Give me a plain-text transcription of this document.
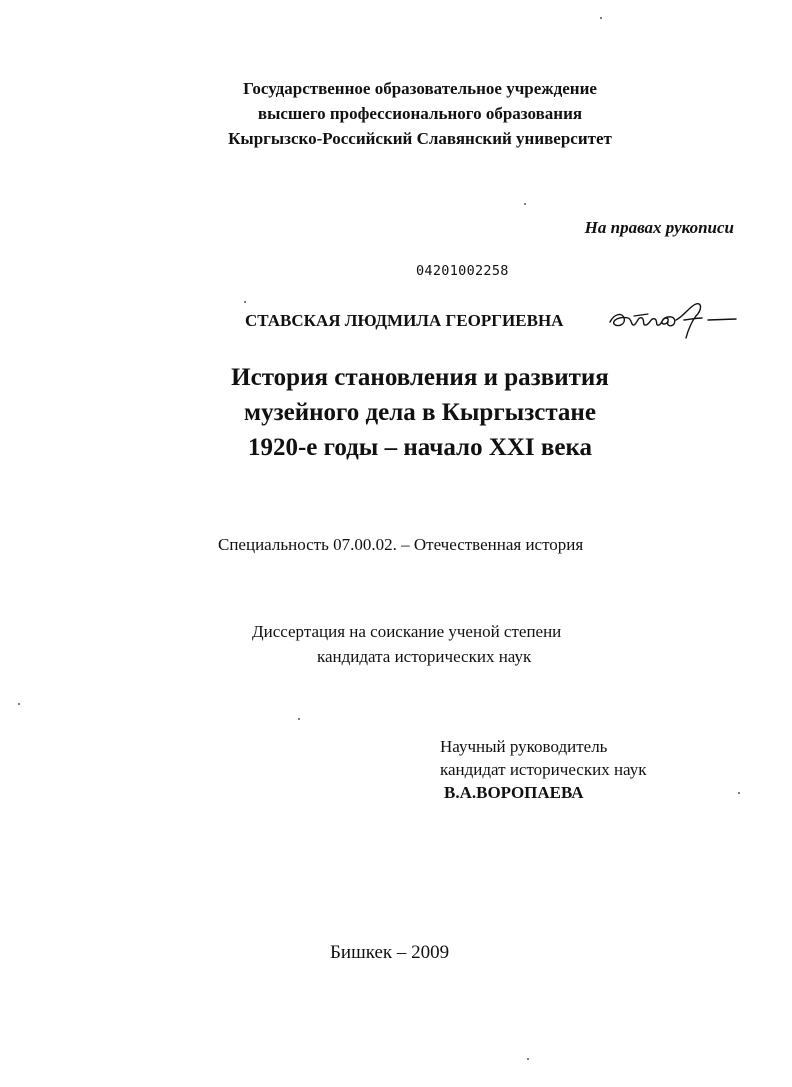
Государственное образовательное учреждение
высшего профессионального образования
Кыргызско-Российский Славянский университет
На правах рукописи
04201002258
СТАВСКАЯ ЛЮДМИЛА ГЕОРГИЕВНА
История становления и развития
музейного дела в Кыргызстане
1920-е годы – начало XXI века
Специальность 07.00.02. – Отечественная история
Диссертация на соискание ученой степени
кандидата исторических наук
Научный руководитель
кандидат исторических наук
В.А.ВОРОПАЕВА
Бишкек – 2009
